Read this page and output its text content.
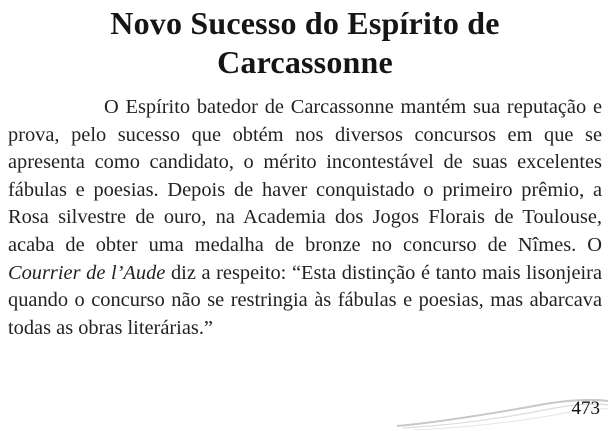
Novo Sucesso do Espírito de
Carcassonne

O Espírito batedor de Carcassonne mantém sua reputação e prova, pelo sucesso que obtém nos diversos concursos em que se apresenta como candidato, o mérito incontestável de suas excelentes fábulas e poesias. Depois de haver conquistado o primeiro prêmio, a Rosa silvestre de ouro, na Academia dos Jogos Florais de Toulouse, acaba de obter uma medalha de bronze no concurso de Nîmes. O Courrier de l’Aude diz a respeito: “Esta distinção é tanto mais lisonjeira quando o concurso não se restringia às fábulas e poesias, mas abarcava todas as obras literárias.”

473
